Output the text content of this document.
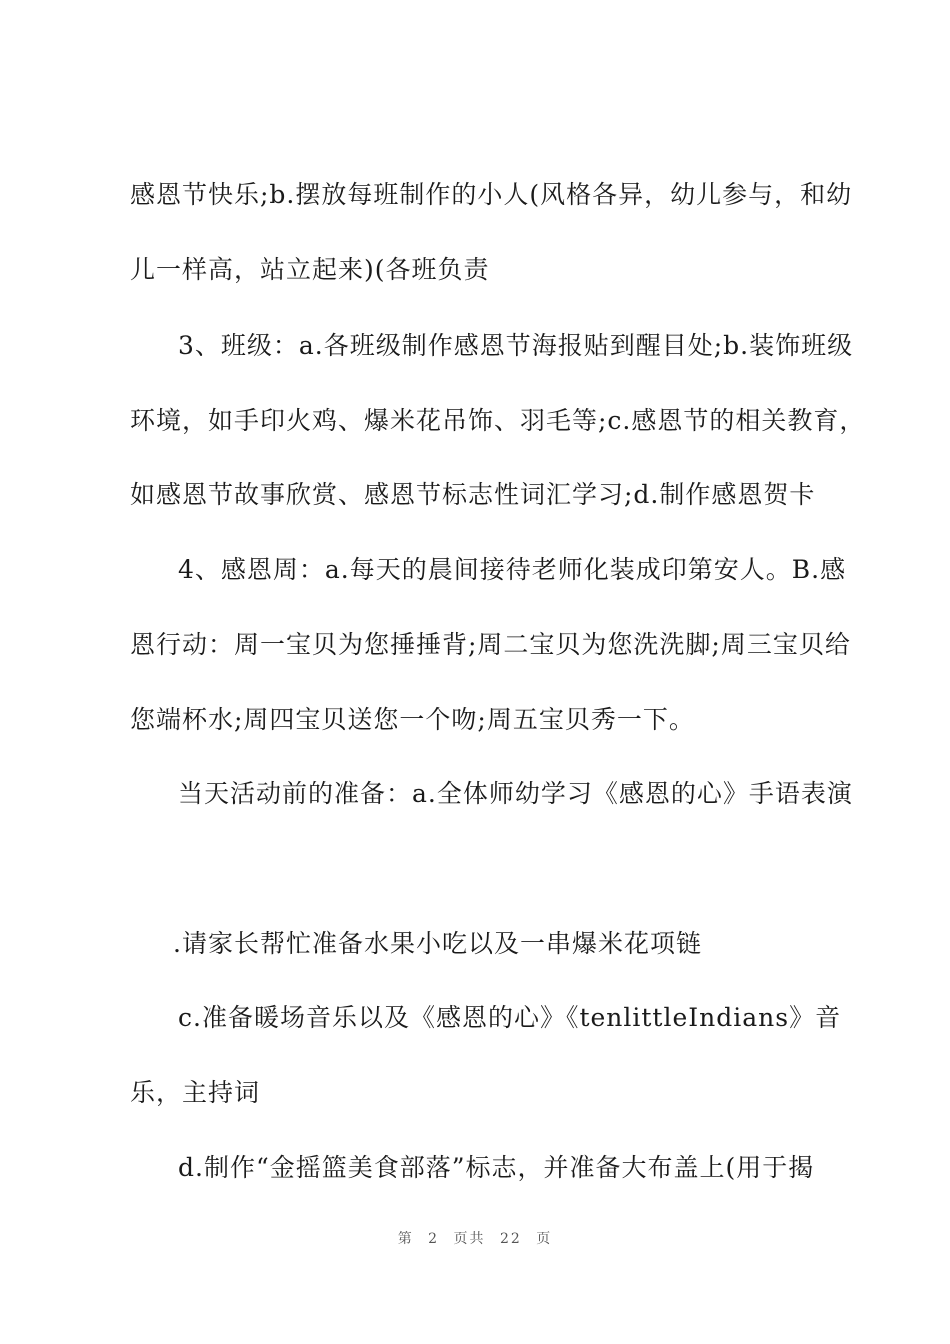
感恩节快乐;b.摆放每班制作的小人(风格各异，幼儿参与，和幼
儿一样高，站立起来)(各班负责
3、班级：a.各班级制作感恩节海报贴到醒目处;b.装饰班级
环境，如手印火鸡、爆米花吊饰、羽毛等;c.感恩节的相关教育，
如感恩节故事欣赏、感恩节标志性词汇学习;d.制作感恩贺卡
4、感恩周：a.每天的晨间接待老师化装成印第安人。B.感
恩行动：周一宝贝为您捶捶背;周二宝贝为您洗洗脚;周三宝贝给
您端杯水;周四宝贝送您一个吻;周五宝贝秀一下。
当天活动前的准备：a.全体师幼学习《感恩的心》手语表演
.请家长帮忙准备水果小吃以及一串爆米花项链
c.准备暖场音乐以及《感恩的心》《tenlittleIndians》音
乐，主持词
d.制作“金摇篮美食部落”标志，并准备大布盖上(用于揭
第 2 页共 22 页
